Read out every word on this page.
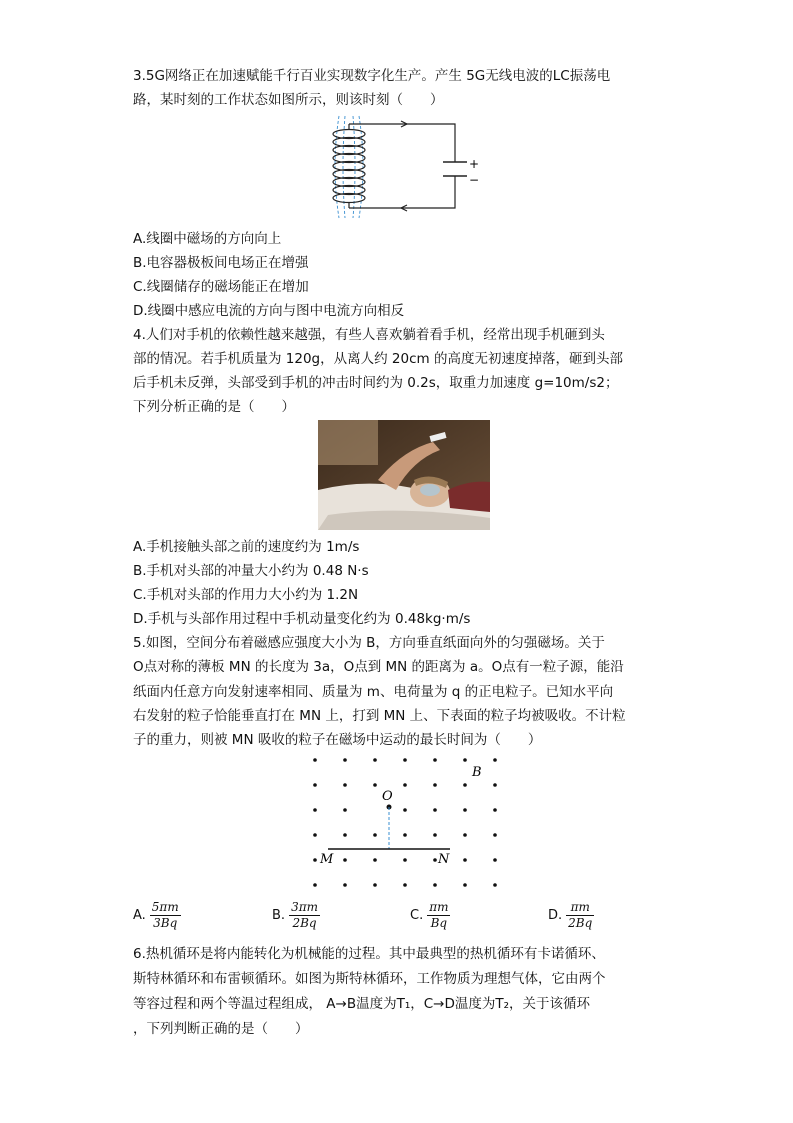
3.5G网络正在加速赋能千行百业实现数字化生产。产生 5G无线电波的LC振荡电
路，某时刻的工作状态如图所示，则该时刻（　　）
+
−
A.线圈中磁场的方向向上
B.电容器极板间电场正在增强
C.线圈储存的磁场能正在增加
D.线圈中感应电流的方向与图中电流方向相反
4.人们对手机的依赖性越来越强，有些人喜欢躺着看手机，经常出现手机砸到头
部的情况。若手机质量为 120g，从离人约 20cm 的高度无初速度掉落，砸到头部
后手机未反弹，头部受到手机的冲击时间约为 0.2s，取重力加速度 g=10m/s2；
下列分析正确的是（　　）
A.手机接触头部之前的速度约为 1m/s
B.手机对头部的冲量大小约为 0.48 N·s
C.手机对头部的作用力大小约为 1.2N
D.手机与头部作用过程中手机动量变化约为 0.48kg·m/s
5.如图，空间分布着磁感应强度大小为 B，方向垂直纸面向外的匀强磁场。关于
O点对称的薄板 MN 的长度为 3a，O点到 MN 的距离为 a。O点有一粒子源，能沿
纸面内任意方向发射速率相同、质量为 m、电荷量为 q 的正电粒子。已知水平向
右发射的粒子恰能垂直打在 MN 上，打到 MN 上、下表面的粒子均被吸收。不计粒
子的重力，则被 MN 吸收的粒子在磁场中运动的最长时间为（　　）
B
O
M	N
A. $\frac{5\pi m}{3Bq}$	B. $\frac{3\pi m}{2Bq}$	C. $\frac{\pi m}{Bq}$	D. $\frac{\pi m}{2Bq}$
6.热机循环是将内能转化为机械能的过程。其中最典型的热机循环有卡诺循环、
斯特林循环和布雷顿循环。如图为斯特林循环，工作物质为理想气体，它由两个
等容过程和两个等温过程组成， A→B温度为T₁，C→D温度为T₂，关于该循环
，下列判断正确的是（　　）
